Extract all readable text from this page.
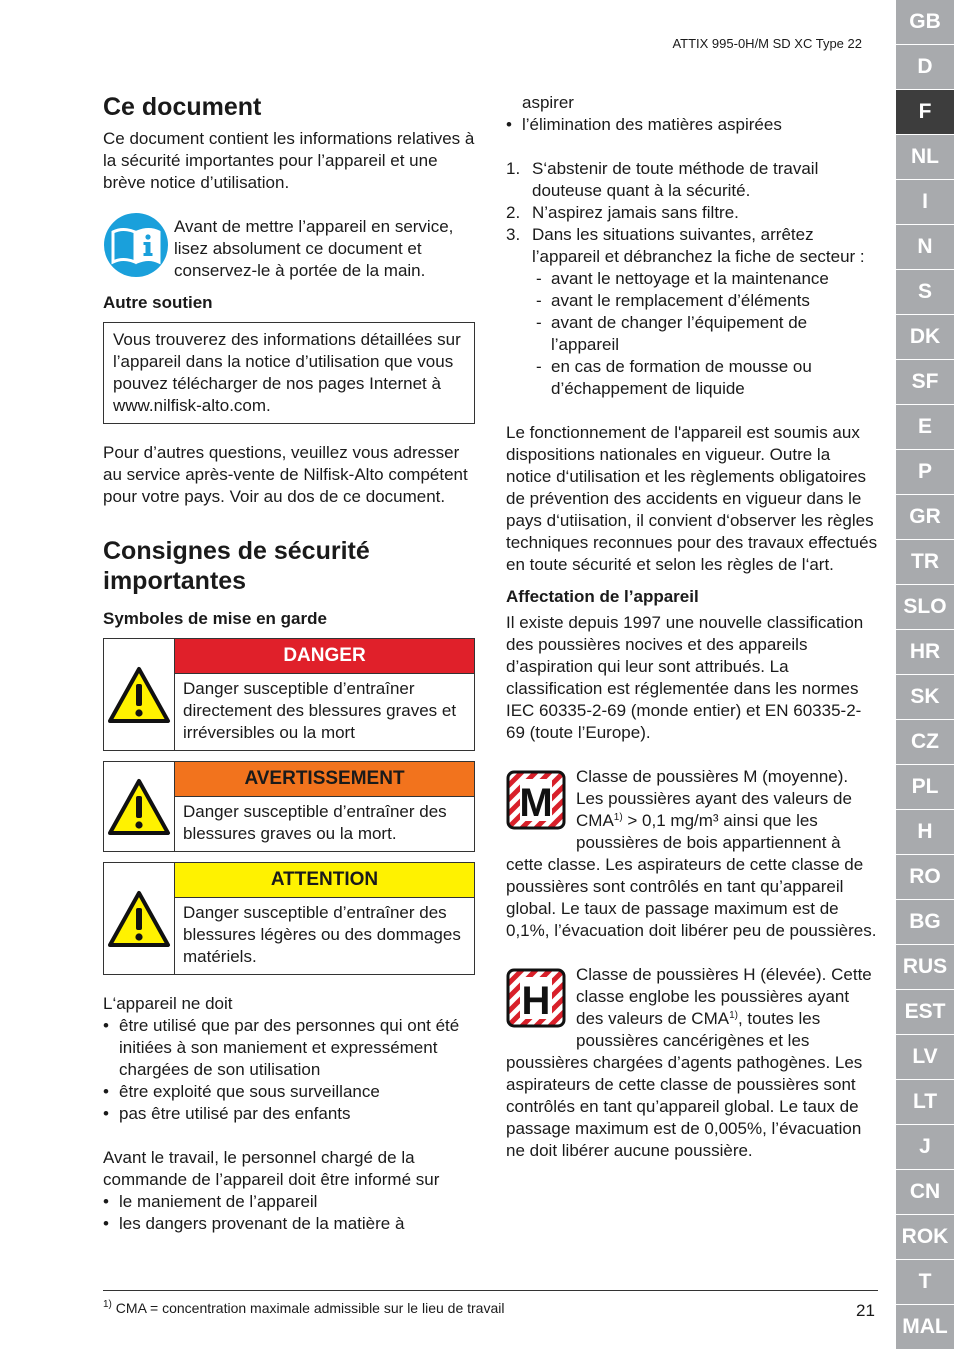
ATTIX 995-0H/M SD XC Type 22
Ce document

Ce document contient les informations relatives à la sécurité importantes pour l’appareil et une brève notice d’utilisation.

Avant de mettre l’appareil en service, lisez absolument ce document et conservez-le à portée de la main.

Autre soutien

Vous trouverez des informations détaillées sur l’appareil dans la notice d’utilisation que vous pouvez télécharger de nos pages Internet à www.nilfisk-alto.com.

Pour d’autres questions, veuillez vous adresser au service après-vente de Nilfisk-Alto compétent pour votre pays. Voir au dos de ce document.

Consignes de sécurité
importantes
Symboles de mise en garde
DANGER
Danger susceptible d’entraîner directement des blessures graves et irréversibles ou la mort
AVERTISSEMENT
Danger susceptible d’entraîner des blessures graves ou la mort.
ATTENTION
Danger susceptible d’entraîner des blessures légères ou des dommages matériels.

L‘appareil ne doit

• être utilisé que par des personnes qui ont été initiées à son maniement et expressément chargées de son utilisation
• être exploité que sous surveillance
• pas être utilisé par des enfants

Avant le travail, le personnel chargé de la commande de l’appareil doit être informé sur

• le maniement de l’appareil
• les dangers provenant de la matière à

aspirer

• l’élimination des matières aspirées
1. S‘abstenir de toute méthode de travail douteuse quant à la sécurité.
2. N’aspirez jamais sans filtre.
3. Dans les situations suivantes, arrêtez l’appareil et débranchez la fiche de secteur :
- avant le nettoyage et la maintenance
- avant le remplacement d’éléments
- avant de changer l’équipement de l’appareil
- en cas de formation de mousse ou d’échappement de liquide

Le fonctionnement de l'appareil est soumis aux dispositions nationales en vigueur. Outre la notice d‘utilisation et les règlements obligatoires de prévention des accidents en vigueur dans le pays d‘utiisation, il convient d‘observer les règles techniques reconnues pour des travaux effectués en toute sécurité et selon les règles de l‘art.

Affectation de l’appareil

Il existe depuis 1997 une nouvelle classification des poussières nocives et des appareils d’aspiration qui leur sont attribués. La classification est réglementée dans les normes IEC 60335-2-69 (monde entier) et EN 60335-2-69 (toute l’Europe).

M
Classe de poussières M (moyenne). Les poussières ayant des valeurs de $CMA^{1)} > 0,1$ mg/m³ ainsi que les poussières de bois appartiennent à cette classe. Les aspirateurs de cette classe de poussières sont contrôlés en tant qu’appareil global. Le taux de passage maximum est de 0,1%, l’évacuation doit libérer peu de poussières.
H
Classe de poussières H (élevée). Cette classe englobe les poussières ayant des valeurs de CMA$^{1)}$, toutes les poussières cancérigènes et les poussières chargées d’agents pathogènes. Les aspirateurs de cette classe de poussières sont contrôlés en tant qu’appareil global. Le taux de passage maximum est de 0,005%, l’évacuation ne doit libérer aucune poussière.
$^{1)}$ CMA = concentration maximale admissible sur le lieu de travail	21
GB
D
F
NL
I
N
S
DK
SF
E
P
GR
TR
SLO
HR
SK
CZ
PL
H
RO
BG
RUS
EST
LV
LT
J
CN
ROK
T
MAL
